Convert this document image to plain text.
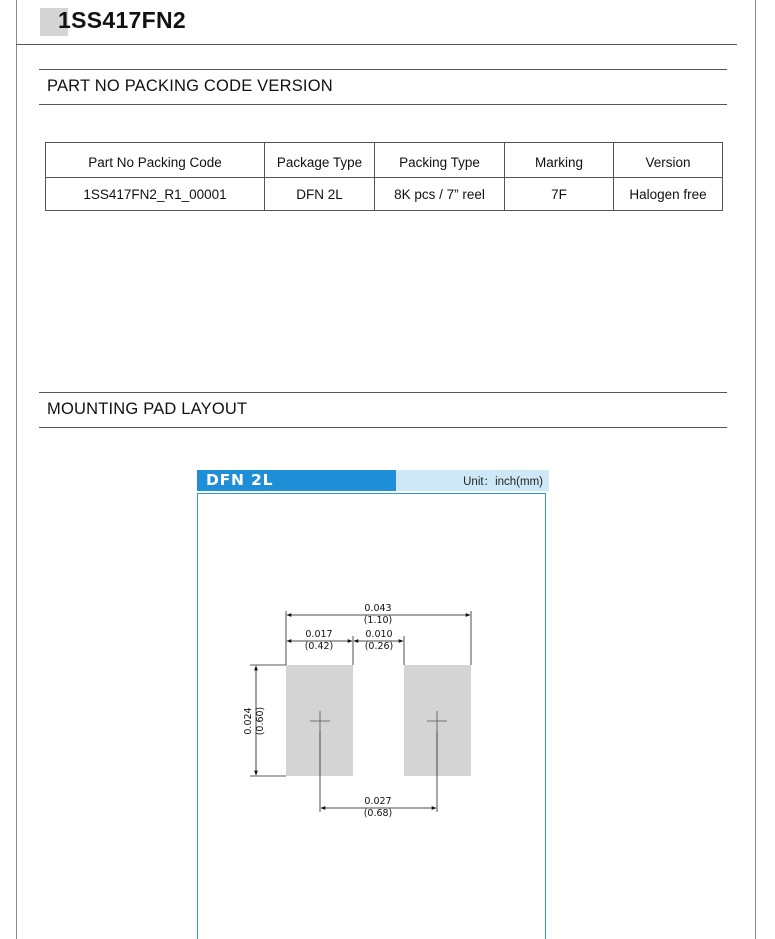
1SS417FN2
PART NO PACKING CODE VERSION
Part No Packing Code	Package Type	Packing Type	Marking	Version
1SS417FN2_R1_00001	DFN 2L	8K pcs / 7” reel	7F	Halogen free
MOUNTING PAD LAYOUT
DFN 2L	Unit：inch(mm)
0.043
(1.10)
0.017
(0.42)
0.010
(0.26)
0.027
(0.68)
0.024 (0.60)
